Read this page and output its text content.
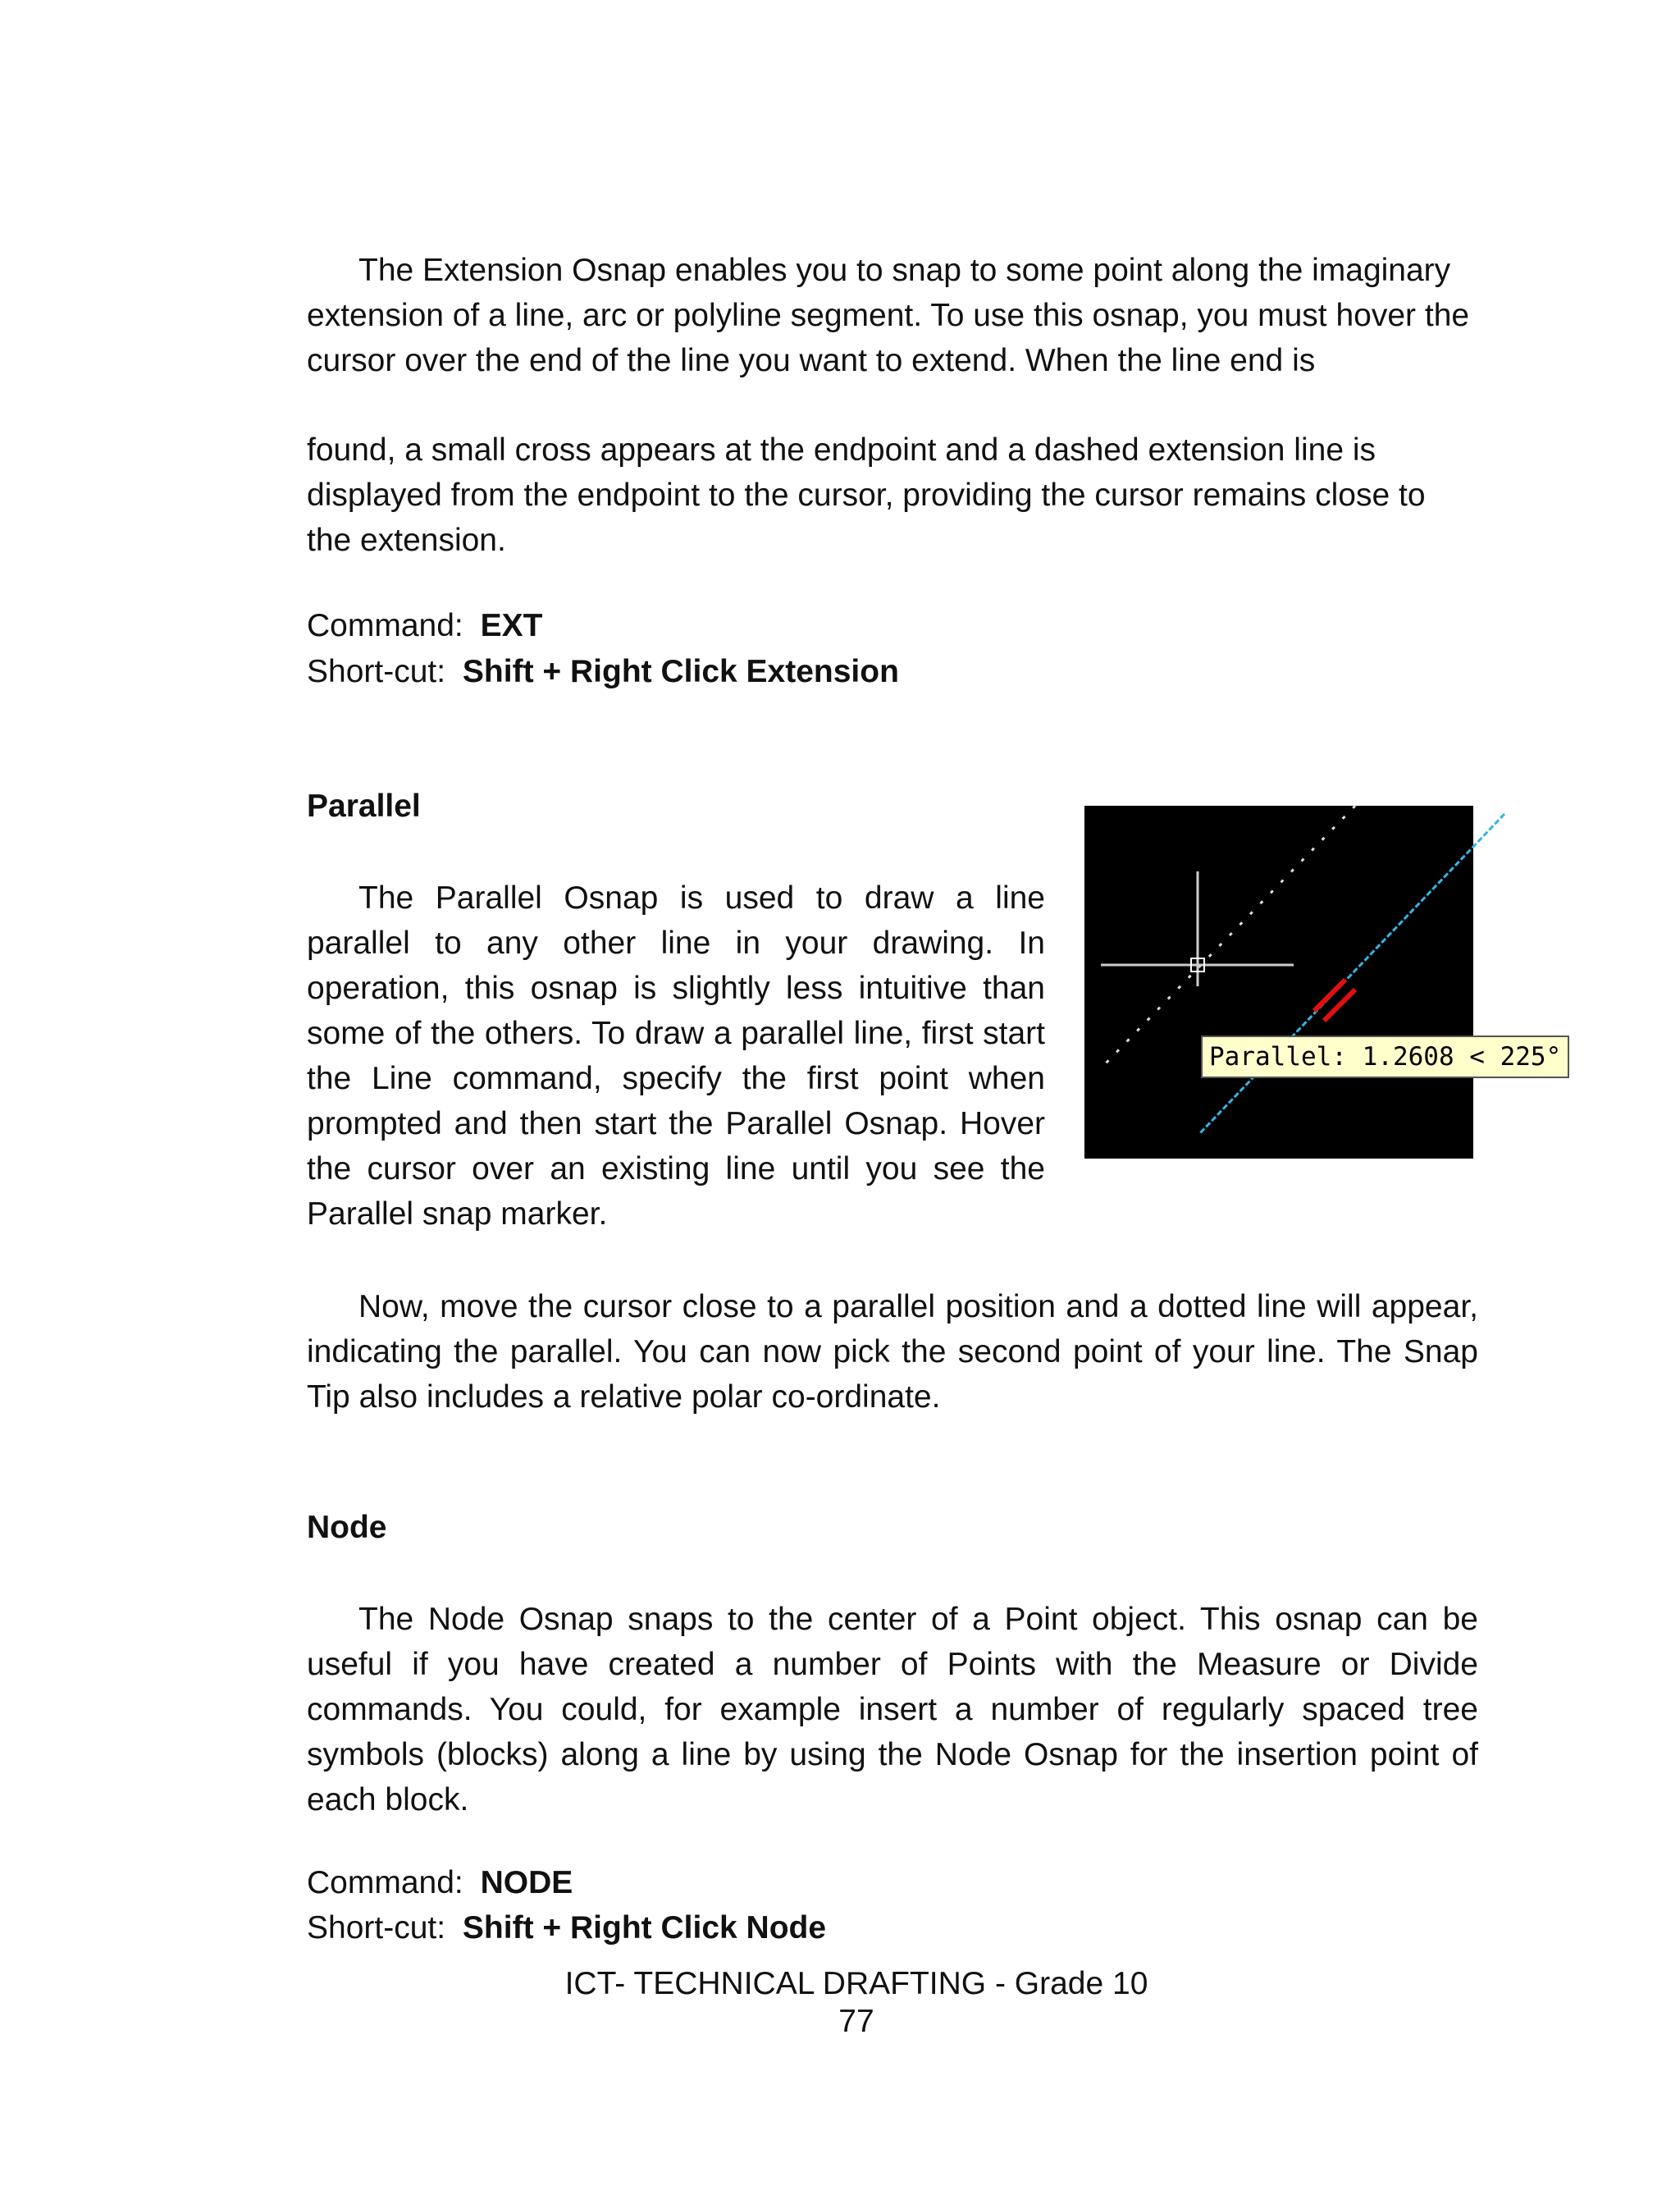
The Extension Osnap enables you to snap to some point along the imaginary extension of a line, arc or polyline segment. To use this osnap, you must hover the cursor over the end of the line you want to extend. When the line end is

found, a small cross appears at the endpoint and a dashed extension line is displayed from the endpoint to the cursor, providing the cursor remains close to the extension.

Command: EXT

Short-cut: Shift + Right Click Extension

Parallel

The Parallel Osnap is used to draw a line parallel to any other line in your drawing. In operation, this osnap is slightly less intuitive than some of the others. To draw a parallel line, first start the Line command, specify the first point when prompted and then start the Parallel Osnap. Hover the cursor over an existing line until you see the Parallel snap marker.

Parallel: 1.2608 < 225°

Now, move the cursor close to a parallel position and a dotted line will appear, indicating the parallel. You can now pick the second point of your line. The Snap Tip also includes a relative polar co-ordinate.

Node

The Node Osnap snaps to the center of a Point object. This osnap can be useful if you have created a number of Points with the Measure or Divide commands. You could, for example insert a number of regularly spaced tree symbols (blocks) along a line by using the Node Osnap for the insertion point of each block.

Command: NODE

Short-cut: Shift + Right Click Node

ICT- TECHNICAL DRAFTING - Grade 10

77
